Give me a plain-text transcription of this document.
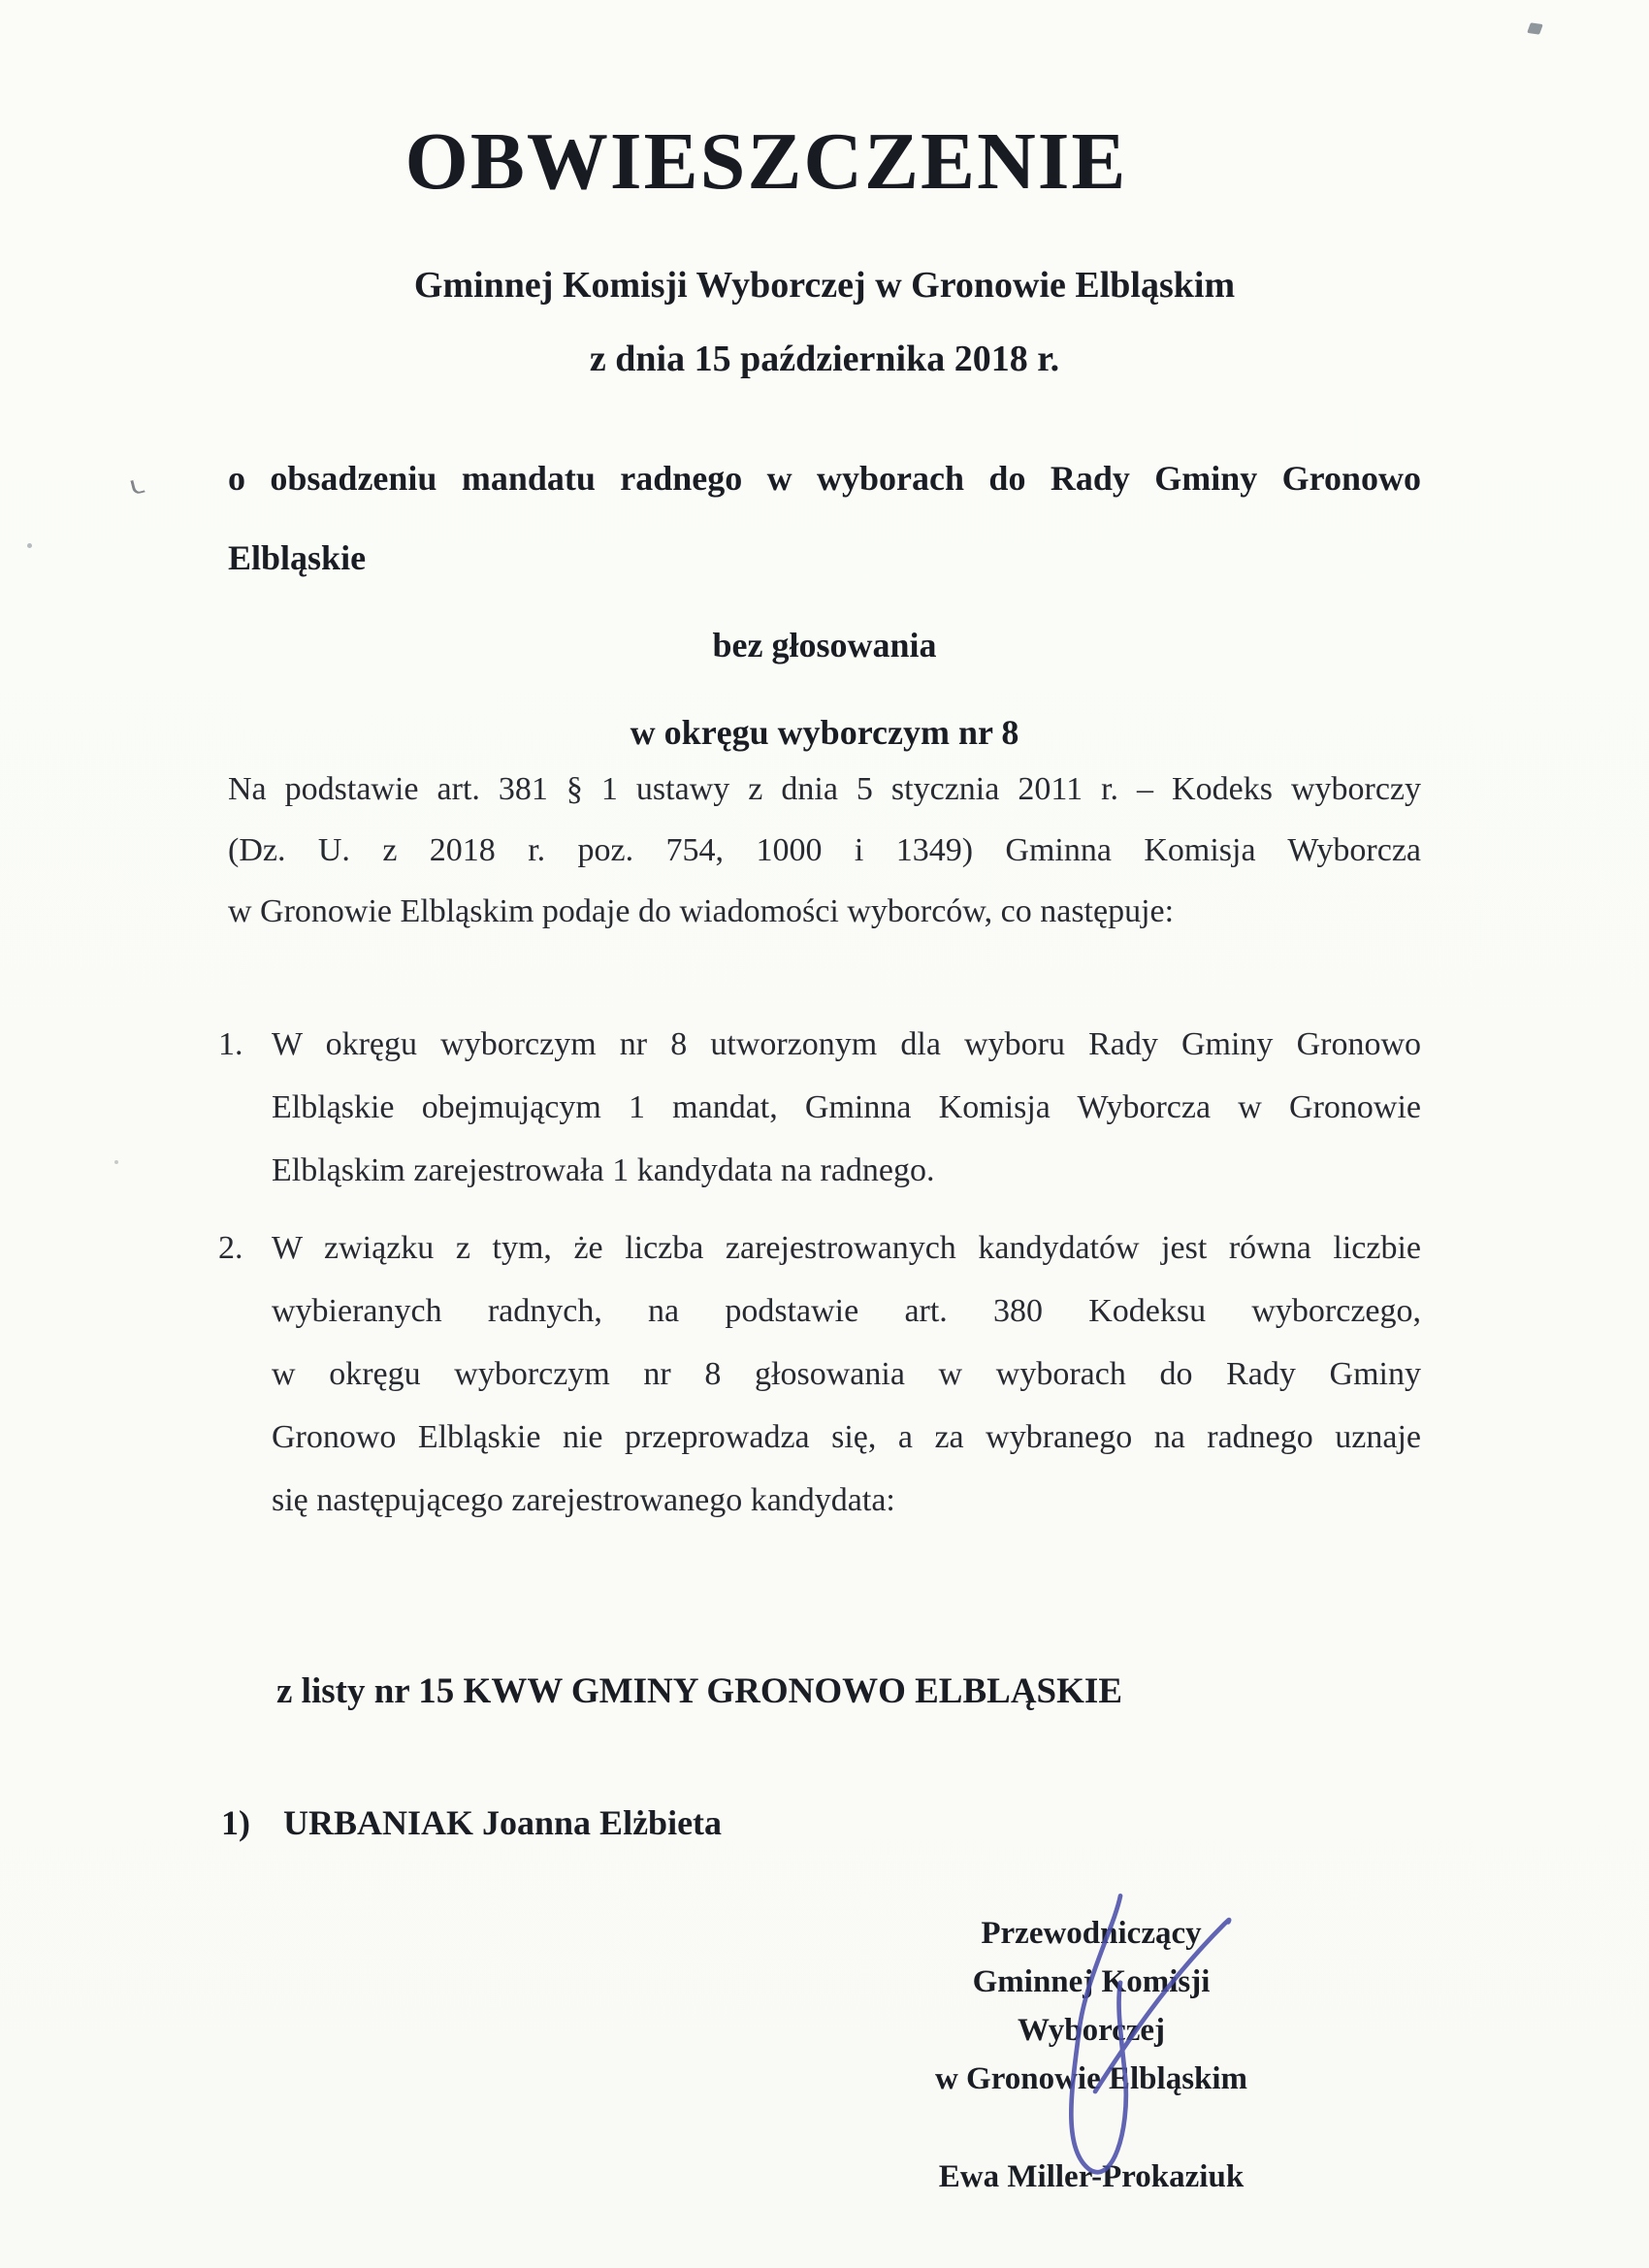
OBWIESZCZENIE
Gminnej Komisji Wyborczej w Gronowie Elbląskim
z dnia 15 października 2018 r.
o obsadzeniu mandatu radnego w wyborach do Rady Gminy Gronowo
Elbląskie
bez głosowania
w okręgu wyborczym nr 8
Na podstawie art. 381 § 1 ustawy z dnia 5 stycznia 2011 r. – Kodeks wyborczy
(Dz. U. z 2018 r. poz. 754, 1000 i 1349) Gminna Komisja Wyborcza
w Gronowie Elbląskim podaje do wiadomości wyborców, co następuje:
1. W okręgu wyborczym nr 8 utworzonym dla wyboru Rady Gminy Gronowo
Elbląskie obejmującym 1 mandat, Gminna Komisja Wyborcza w Gronowie
Elbląskim zarejestrowała 1 kandydata na radnego.
2. W związku z tym, że liczba zarejestrowanych kandydatów jest równa liczbie
wybieranych radnych, na podstawie art. 380 Kodeksu wyborczego,
w okręgu wyborczym nr 8 głosowania w wyborach do Rady Gminy
Gronowo Elbląskie nie przeprowadza się, a za wybranego na radnego uznaje
się następującego zarejestrowanego kandydata:
z listy nr 15 KWW GMINY GRONOWO ELBLĄSKIE
1) URBANIAK Joanna Elżbieta
Przewodniczący
Gminnej Komisji Wyborczej
w Gronowie Elbląskim
Ewa Miller-Prokaziuk
